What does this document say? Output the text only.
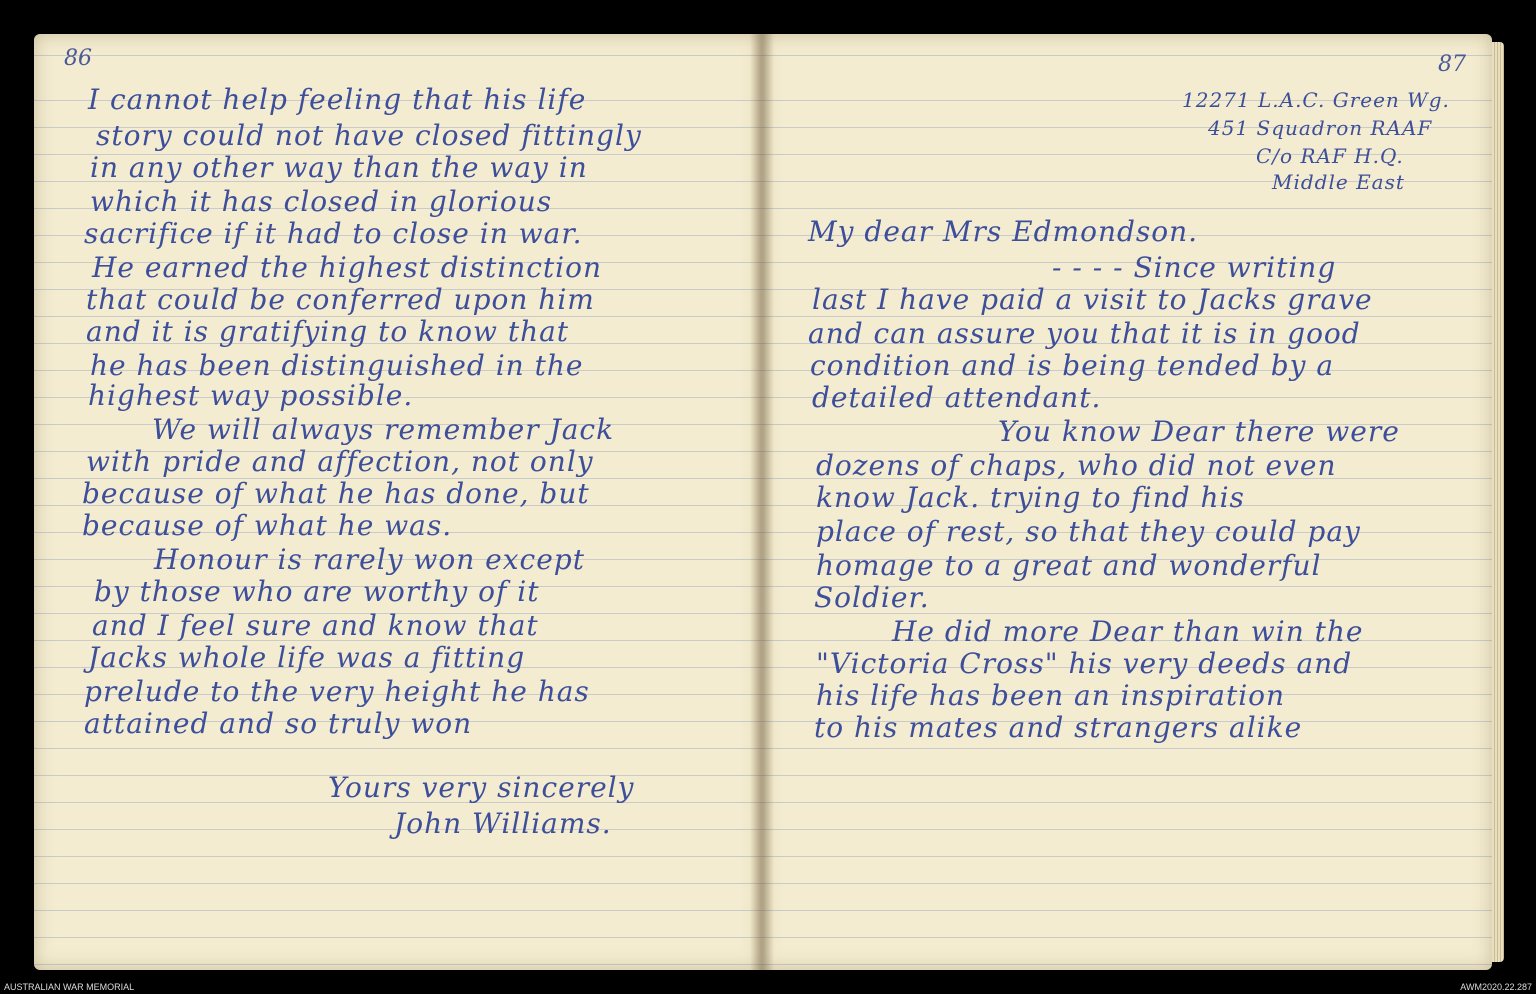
86
I cannot help feeling that his life
story could not have closed fittingly
in any other way than the way in
which it has closed in glorious
sacrifice if it had to close in war.
He earned the highest distinction
that could be conferred upon him
and it is gratifying to know that
he has been distinguished in the
highest way possible.
We will always remember Jack
with pride and affection, not only
because of what he has done, but
because of what he was.
Honour is rarely won except
by those who are worthy of it
and I feel sure and know that
Jacks whole life was a fitting
prelude to the very height he has
attained and so truly won
Yours very sincerely
John Williams.
87
12271 L.A.C. Green Wg.
451 Squadron RAAF
C/o RAF H.Q.
Middle East
My dear Mrs Edmondson.
- - - - Since writing
last I have paid a visit to Jacks grave
and can assure you that it is in good
condition and is being tended by a
detailed attendant.
You know Dear there were
dozens of chaps, who did not even
know Jack. trying to find his
place of rest, so that they could pay
homage to a great and wonderful
Soldier.
He did more Dear than win the
"Victoria Cross" his very deeds and
his life has been an inspiration
to his mates and strangers alike
AUSTRALIAN WAR MEMORIAL	AWM2020.22.287
